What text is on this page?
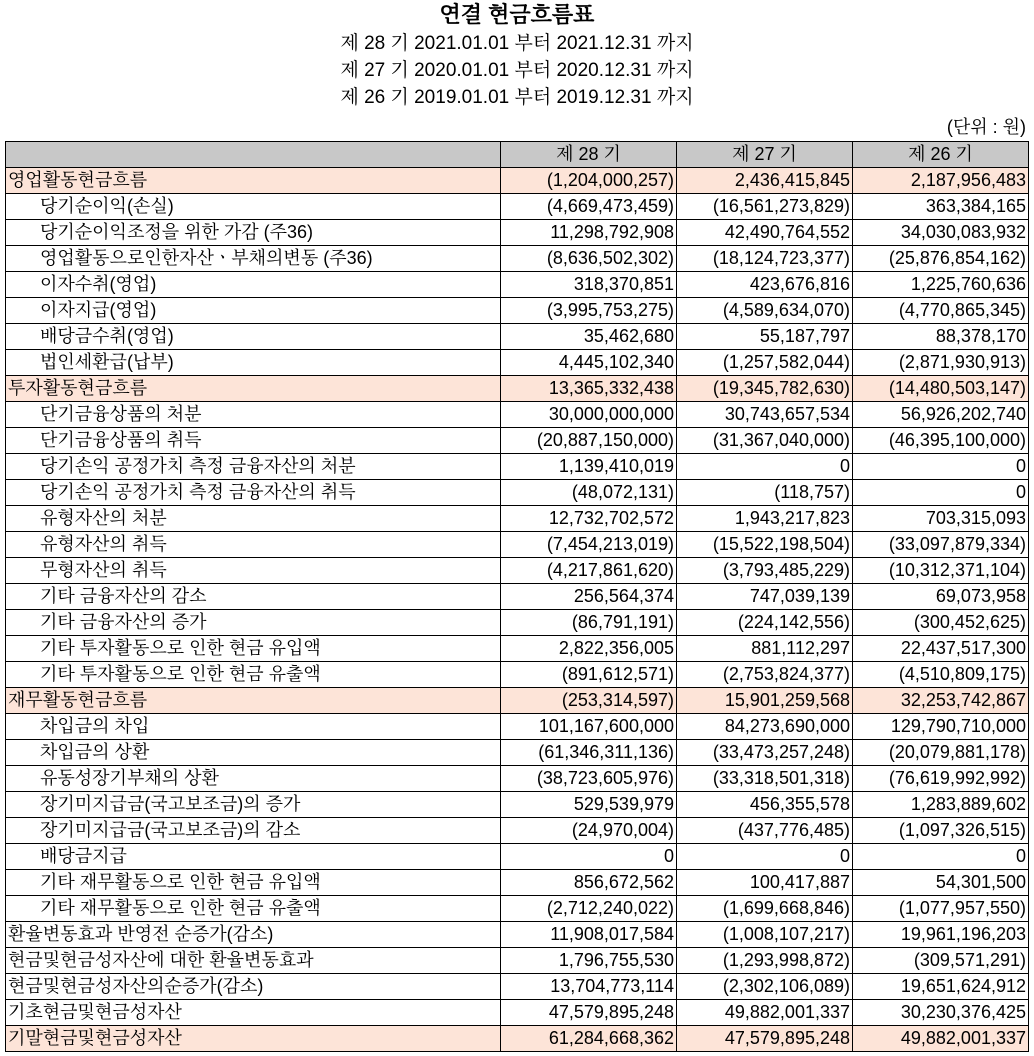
연결 현금흐름표
제 28 기 2021.01.01 부터 2021.12.31 까지
제 27 기 2020.01.01 부터 2020.12.31 까지
제 26 기 2019.01.01 부터 2019.12.31 까지
(단위 : 원)
	제 28 기	제 27 기	제 26 기
영업활동현금흐름	(1,204,000,257)	2,436,415,845	2,187,956,483
당기순이익(손실)	(4,669,473,459)	(16,561,273,829)	363,384,165
당기순이익조정을 위한 가감 (주36)	11,298,792,908	42,490,764,552	34,030,083,932
영업활동으로인한자산ㆍ부채의변동 (주36)	(8,636,502,302)	(18,124,723,377)	(25,876,854,162)
이자수취(영업)	318,370,851	423,676,816	1,225,760,636
이자지급(영업)	(3,995,753,275)	(4,589,634,070)	(4,770,865,345)
배당금수취(영업)	35,462,680	55,187,797	88,378,170
법인세환급(납부)	4,445,102,340	(1,257,582,044)	(2,871,930,913)
투자활동현금흐름	13,365,332,438	(19,345,782,630)	(14,480,503,147)
단기금융상품의 처분	30,000,000,000	30,743,657,534	56,926,202,740
단기금융상품의 취득	(20,887,150,000)	(31,367,040,000)	(46,395,100,000)
당기손익 공정가치 측정 금융자산의 처분	1,139,410,019	0	0
당기손익 공정가치 측정 금융자산의 취득	(48,072,131)	(118,757)	0
유형자산의 처분	12,732,702,572	1,943,217,823	703,315,093
유형자산의 취득	(7,454,213,019)	(15,522,198,504)	(33,097,879,334)
무형자산의 취득	(4,217,861,620)	(3,793,485,229)	(10,312,371,104)
기타 금융자산의 감소	256,564,374	747,039,139	69,073,958
기타 금융자산의 증가	(86,791,191)	(224,142,556)	(300,452,625)
기타 투자활동으로 인한 현금 유입액	2,822,356,005	881,112,297	22,437,517,300
기타 투자활동으로 인한 현금 유출액	(891,612,571)	(2,753,824,377)	(4,510,809,175)
재무활동현금흐름	(253,314,597)	15,901,259,568	32,253,742,867
차입금의 차입	101,167,600,000	84,273,690,000	129,790,710,000
차입금의 상환	(61,346,311,136)	(33,473,257,248)	(20,079,881,178)
유동성장기부채의 상환	(38,723,605,976)	(33,318,501,318)	(76,619,992,992)
장기미지급금(국고보조금)의 증가	529,539,979	456,355,578	1,283,889,602
장기미지급금(국고보조금)의 감소	(24,970,004)	(437,776,485)	(1,097,326,515)
배당금지급	0	0	0
기타 재무활동으로 인한 현금 유입액	856,672,562	100,417,887	54,301,500
기타 재무활동으로 인한 현금 유출액	(2,712,240,022)	(1,699,668,846)	(1,077,957,550)
환율변동효과 반영전 순증가(감소)	11,908,017,584	(1,008,107,217)	19,961,196,203
현금및현금성자산에 대한 환율변동효과	1,796,755,530	(1,293,998,872)	(309,571,291)
현금및현금성자산의순증가(감소)	13,704,773,114	(2,302,106,089)	19,651,624,912
기초현금및현금성자산	47,579,895,248	49,882,001,337	30,230,376,425
기말현금및현금성자산	61,284,668,362	47,579,895,248	49,882,001,337
